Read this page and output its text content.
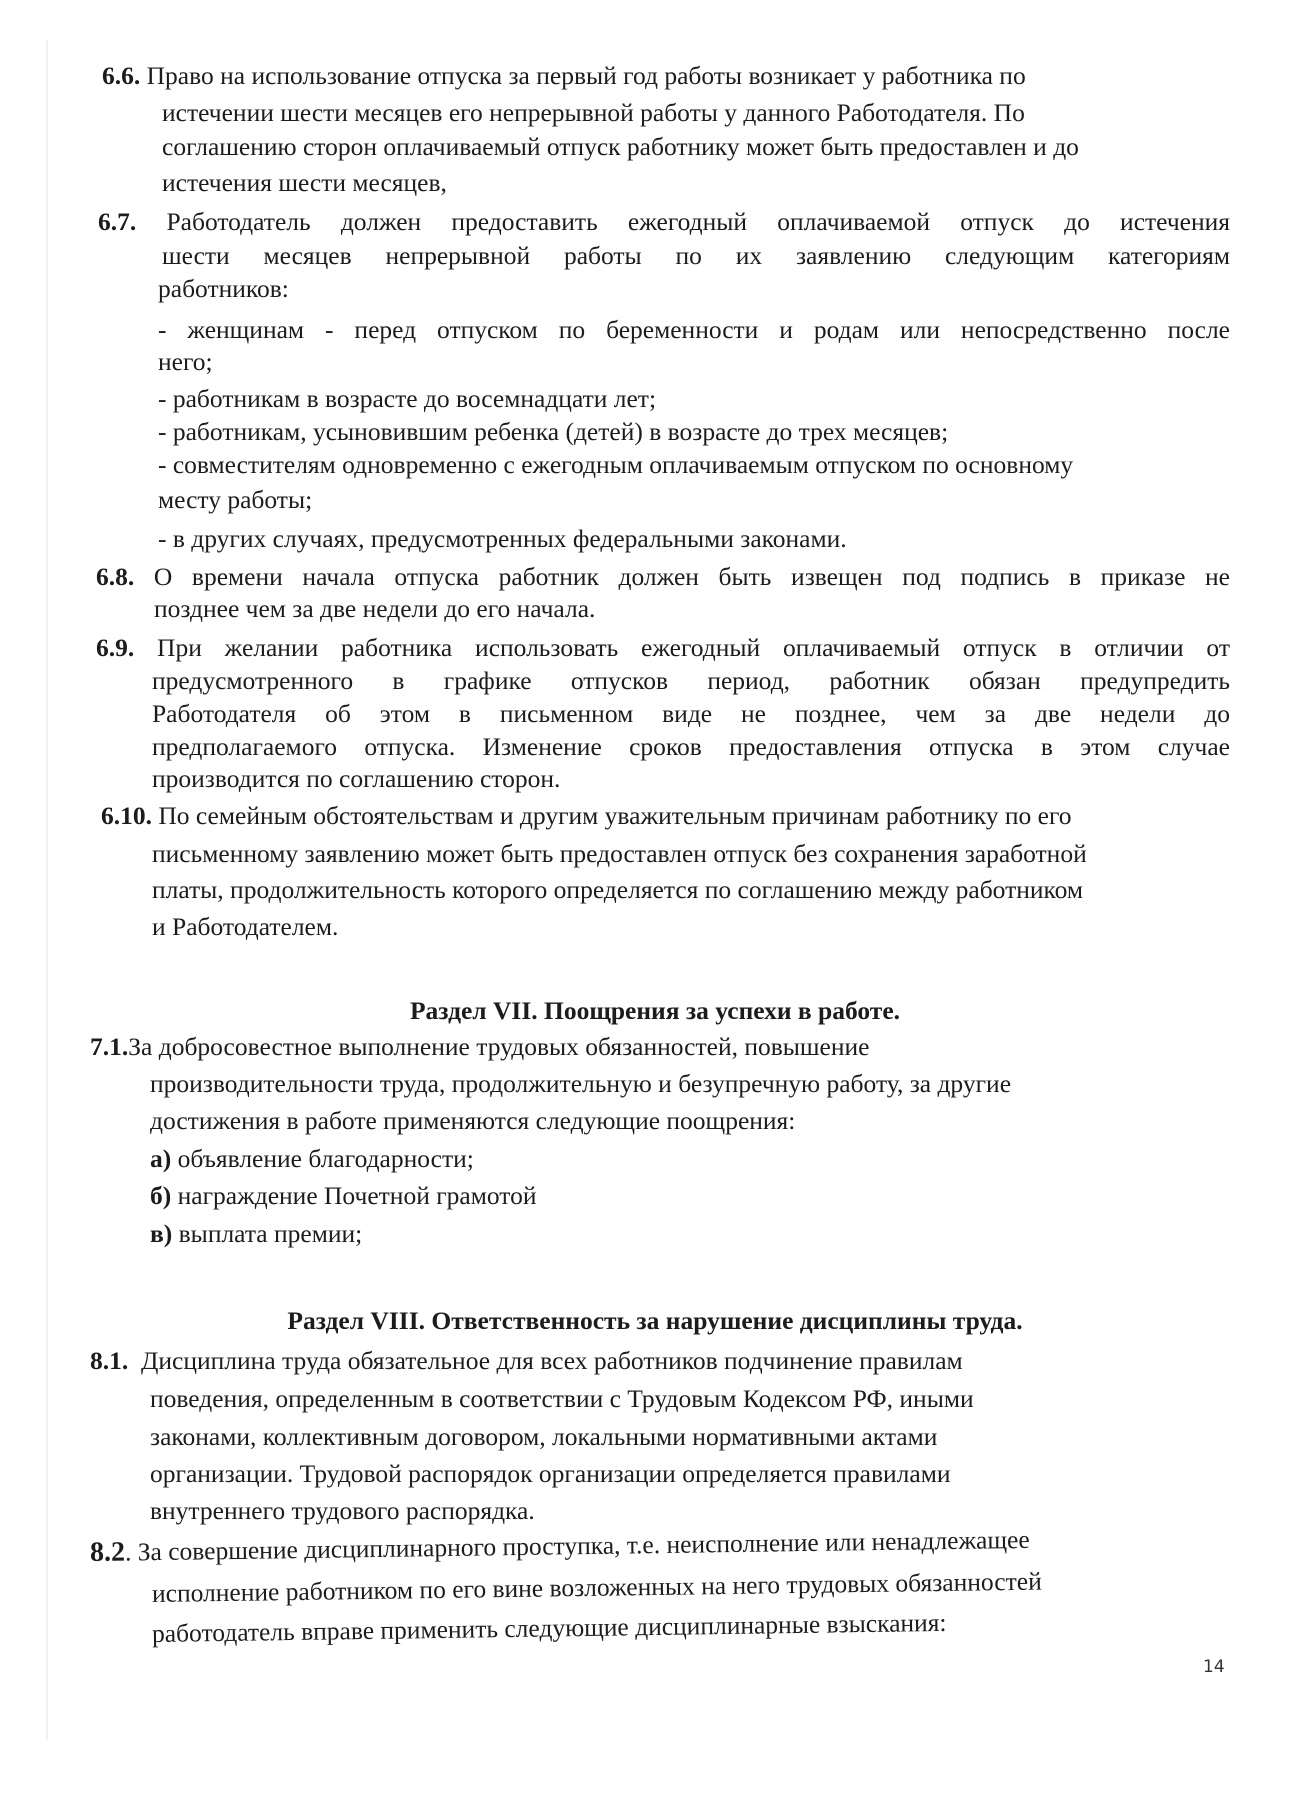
6.6. Право на использование отпуска за первый год работы возникает у работника по
истечении шести месяцев его непрерывной работы у данного Работодателя. По
соглашению сторон оплачиваемый отпуск работнику может быть предоставлен и до
истечения шести месяцев,
6.7. Работодатель должен предоставить ежегодный оплачиваемой отпуск до истечения
шести месяцев непрерывной работы по их заявлению следующим категориям
работников:
- женщинам - перед отпуском по беременности и родам или непосредственно после
него;
- работникам в возрасте до восемнадцати лет;
- работникам, усыновившим ребенка (детей) в возрасте до трех месяцев;
- совместителям одновременно с ежегодным оплачиваемым отпуском по основному
месту работы;
- в других случаях, предусмотренных федеральными законами.
6.8. О времени начала отпуска работник должен быть извещен под подпись в приказе не
позднее чем за две недели до его начала.
6.9. При желании работника использовать ежегодный оплачиваемый отпуск в отличии от
предусмотренного в графике отпусков период, работник обязан предупредить
Работодателя об этом в письменном виде не позднее, чем за две недели до
предполагаемого отпуска. Изменение сроков предоставления отпуска в этом случае
производится по соглашению сторон.
6.10. По семейным обстоятельствам и другим уважительным причинам работнику по его
письменному заявлению может быть предоставлен отпуск без сохранения заработной
платы, продолжительность которого определяется по соглашению между работником
и Работодателем.
Раздел VII. Поощрения за успехи в работе.
7.1.За добросовестное выполнение трудовых обязанностей, повышение
производительности труда, продолжительную и безупречную работу, за другие
достижения в работе применяются следующие поощрения:
а) объявление благодарности;
б) награждение Почетной грамотой
в) выплата премии;
Раздел VIII. Ответственность за нарушение дисциплины труда.
8.1. Дисциплина труда обязательное для всех работников подчинение правилам
поведения, определенным в соответствии с Трудовым Кодексом РФ, иными
законами, коллективным договором, локальными нормативными актами
организации. Трудовой распорядок организации определяется правилами
внутреннего трудового распорядка.
8.2. За совершение дисциплинарного проступка, т.е. неисполнение или ненадлежащее
исполнение работником по его вине возложенных на него трудовых обязанностей
работодатель вправе применить следующие дисциплинарные взыскания:
14
